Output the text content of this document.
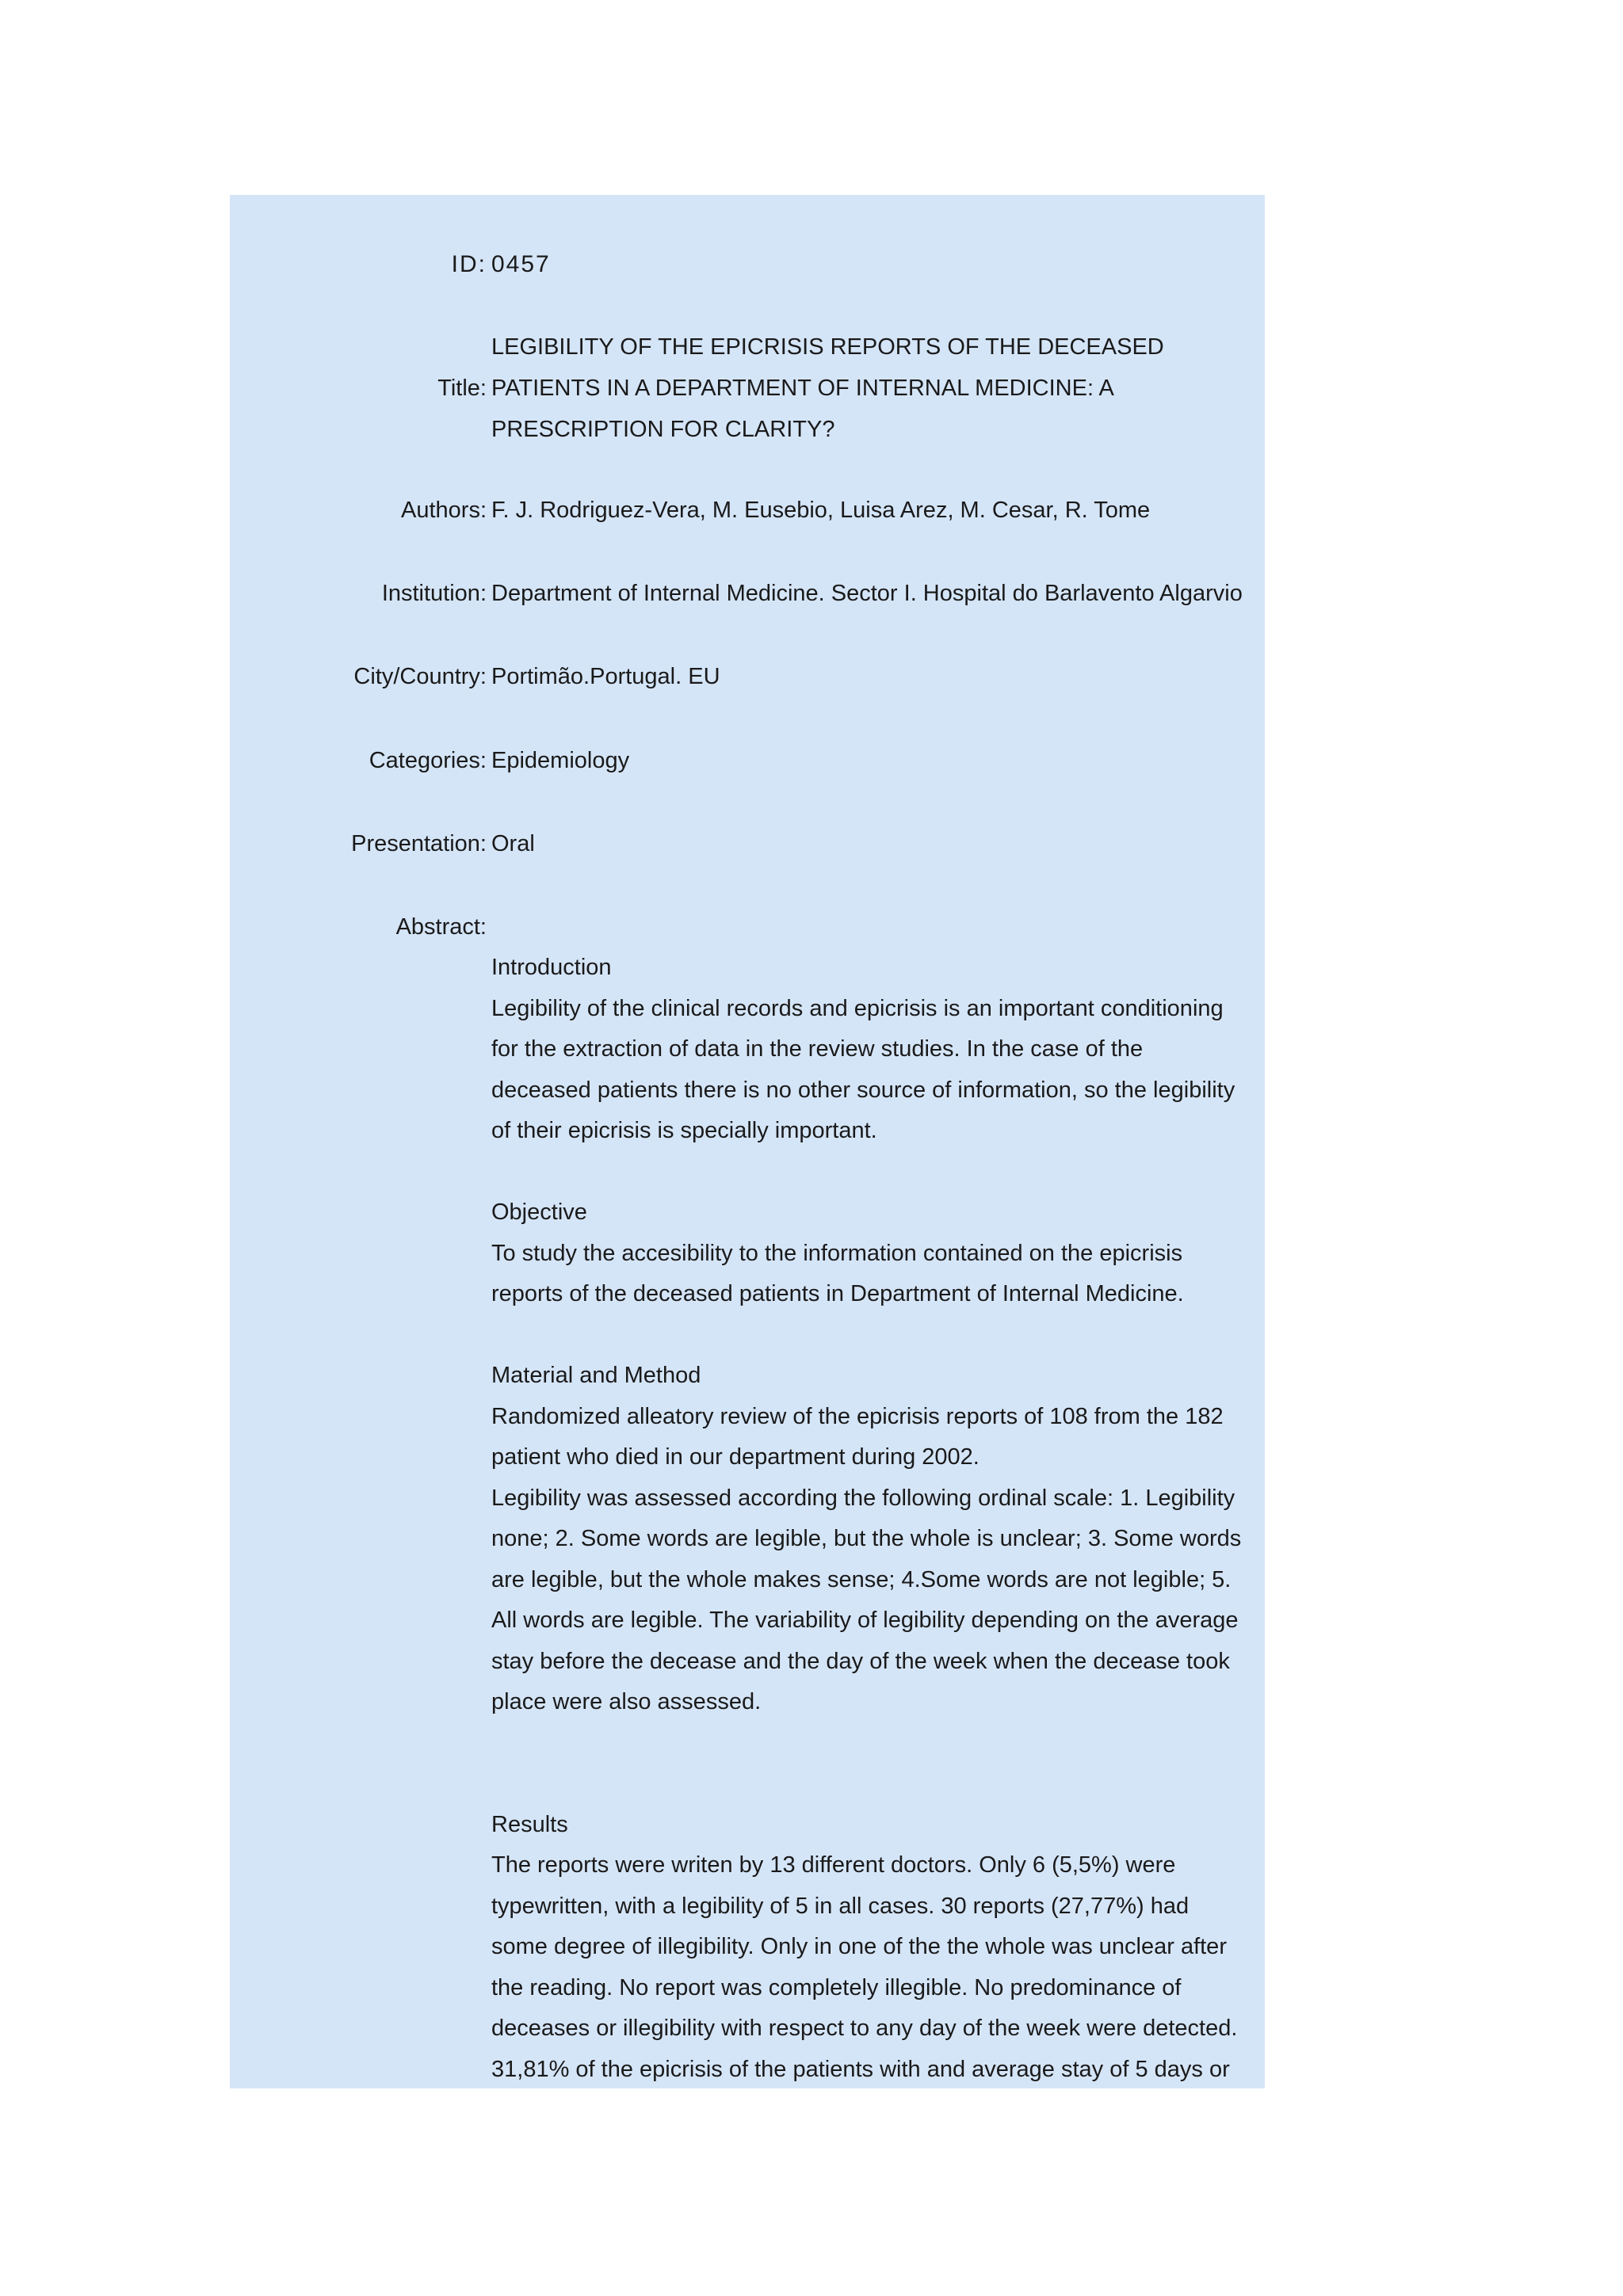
ID: 0457
Title:
LEGIBILITY OF THE EPICRISIS REPORTS OF THE DECEASED
PATIENTS IN A DEPARTMENT OF INTERNAL MEDICINE: A
PRESCRIPTION FOR CLARITY?
Authors: F. J. Rodriguez-Vera, M. Eusebio, Luisa Arez, M. Cesar, R. Tome
Institution: Department of Internal Medicine. Sector I. Hospital do Barlavento Algarvio
City/Country: Portimão.Portugal. EU
Categories: Epidemiology
Presentation: Oral
Abstract:
Introduction
Legibility of the clinical records and epicrisis is an important conditioning
for the extraction of data in the review studies. In the case of the
deceased patients there is no other source of information, so the legibility
of their epicrisis is specially important.
Objective
To study the accesibility to the information contained on the epicrisis
reports of the deceased patients in Department of Internal Medicine.
Material and Method
Randomized alleatory review of the epicrisis reports of 108 from the 182
patient who died in our department during 2002.
Legibility was assessed according the following ordinal scale: 1. Legibility
none; 2. Some words are legible, but the whole is unclear; 3. Some words
are legible, but the whole makes sense; 4.Some words are not legible; 5.
All words are legible. The variability of legibility depending on the average
stay before the decease and the day of the week when the decease took
place were also assessed.
Results
The reports were writen by 13 different doctors. Only 6 (5,5%) were
typewritten, with a legibility of 5 in all cases. 30 reports (27,77%) had
some degree of illegibility. Only in one of the the whole was unclear after
the reading. No report was completely illegible. No predominance of
deceases or illegibility with respect to any day of the week were detected.
31,81% of the epicrisis of the patients with and average stay of 5 days or
